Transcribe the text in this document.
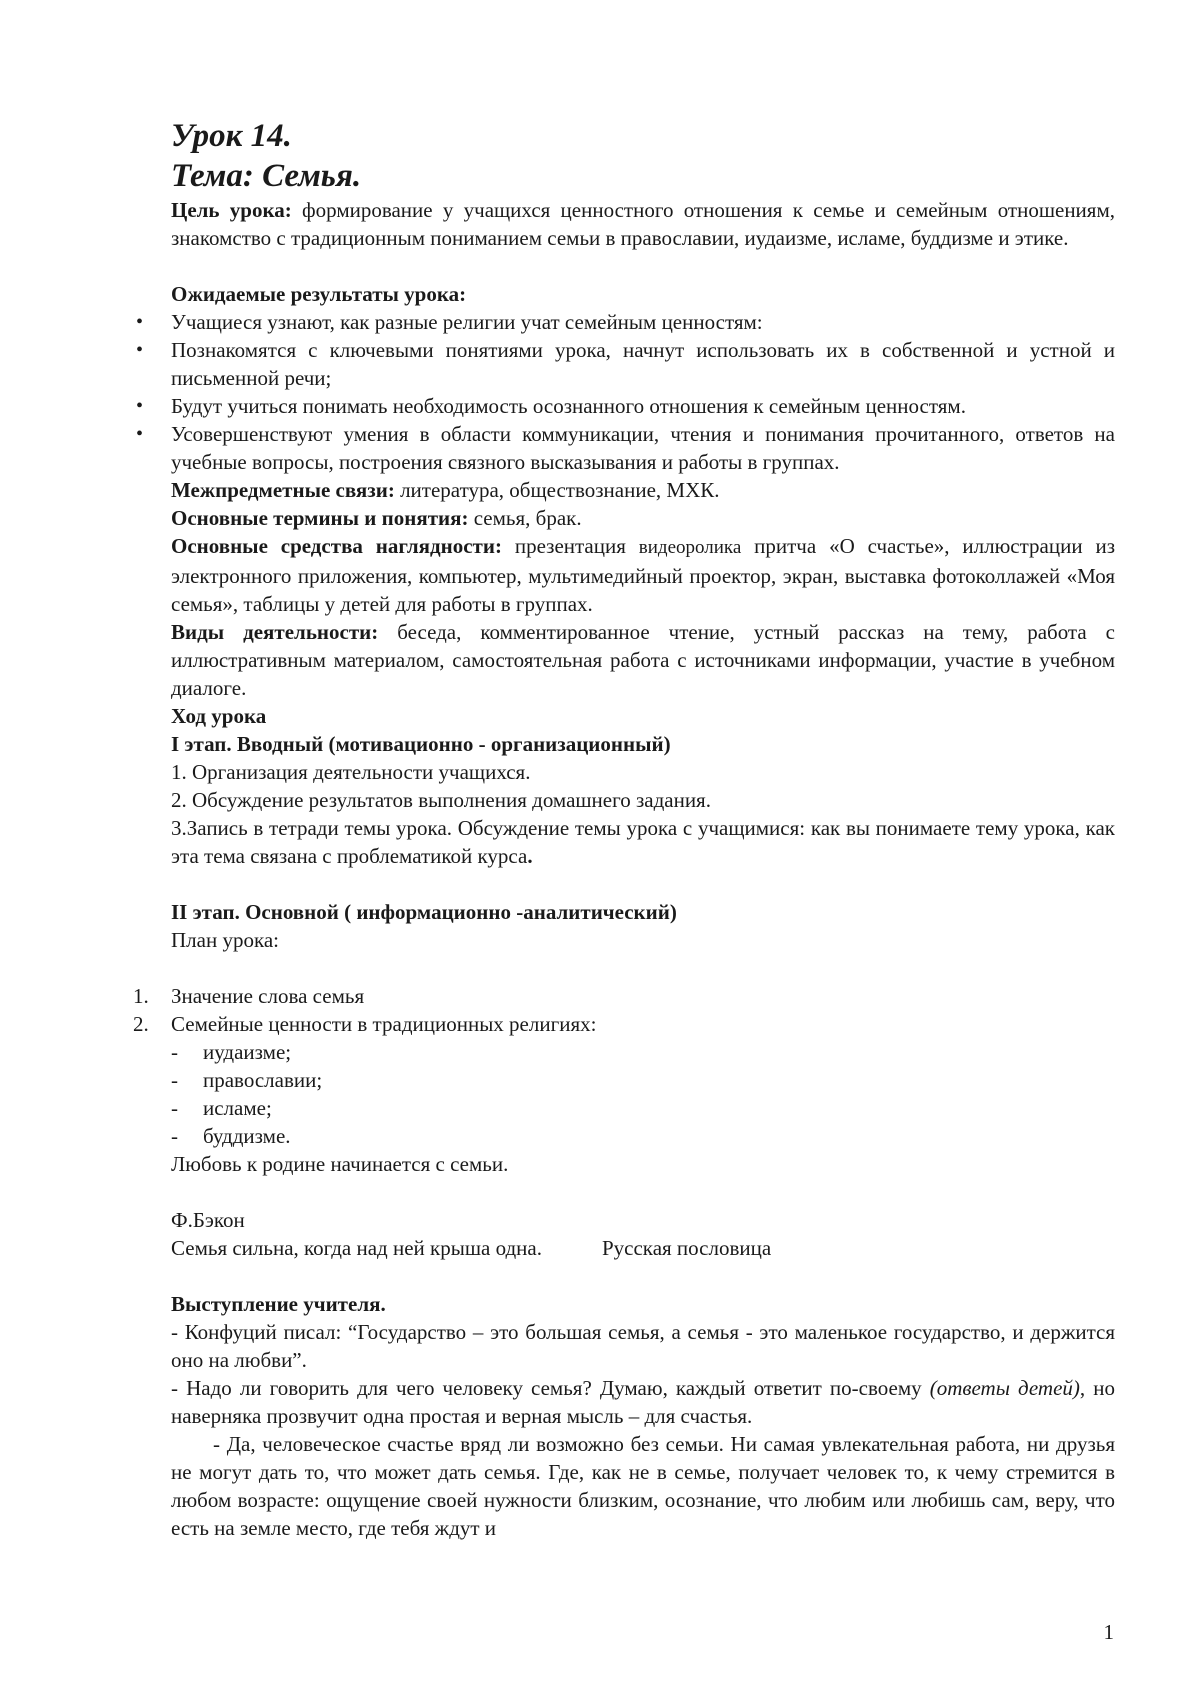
Урок 14.

Тема: Семья.

Цель урока: формирование у учащихся ценностного отношения к семье и семейным отношениям, знакомство с традиционным пониманием семьи в православии, иудаизме, исламе, буддизме и этике.

Ожидаемые результаты урока:

• Учащиеся узнают, как разные религии учат семейным ценностям:
• Познакомятся с ключевыми понятиями урока, начнут использовать их в собственной и устной и письменной речи;
• Будут учиться понимать необходимость осознанного отношения к семейным ценностям.
• Усовершенствуют умения в области коммуникации, чтения и понимания прочитанного, ответов на учебные вопросы, построения связного высказывания и работы в группах.

Межпредметные связи: литература, обществознание, МХК.

Основные термины и понятия: семья, брак.

Основные средства наглядности: презентация видеоролика притча «О счастье», иллюстрации из электронного приложения, компьютер, мультимедийный проектор, экран, выставка фотоколлажей «Моя семья», таблицы у детей для работы в группах.

Виды деятельности: беседа, комментированное чтение, устный рассказ на тему, работа с иллюстративным материалом, самостоятельная работа с источниками информации, участие в учебном диалоге.

Ход урока

I этап. Вводный (мотивационно - организационный)

1. Организация деятельности учащихся.

2. Обсуждение результатов выполнения домашнего задания.

3.Запись в тетради темы урока. Обсуждение темы урока с учащимися: как вы понимаете тему урока, как эта тема связана с проблематикой курса.

II этап. Основной ( информационно -аналитический)

План урока:

1. Значение слова семья
2. Семейные ценности в традиционных религиях:
- иудаизме;
- православии;
- исламе;
- буддизме.

Любовь к родине начинается с семьи.

Ф.Бэкон

Семья сильна, когда над ней крыша одна.	Русская пословица

Выступление учителя.

- Конфуций писал: “Государство – это большая семья, а семья - это маленькое государство, и держится оно на любви”.

- Надо ли говорить для чего человеку семья? Думаю, каждый ответит по-своему (ответы детей), но наверняка прозвучит одна простая и верная мысль – для счастья.

- Да, человеческое счастье вряд ли возможно без семьи. Ни самая увлекательная работа, ни друзья не могут дать то, что может дать семья. Где, как не в семье, получает человек то, к чему стремится в любом возрасте: ощущение своей нужности близким, осознание, что любим или любишь сам, веру, что есть на земле место, где тебя ждут и

1
